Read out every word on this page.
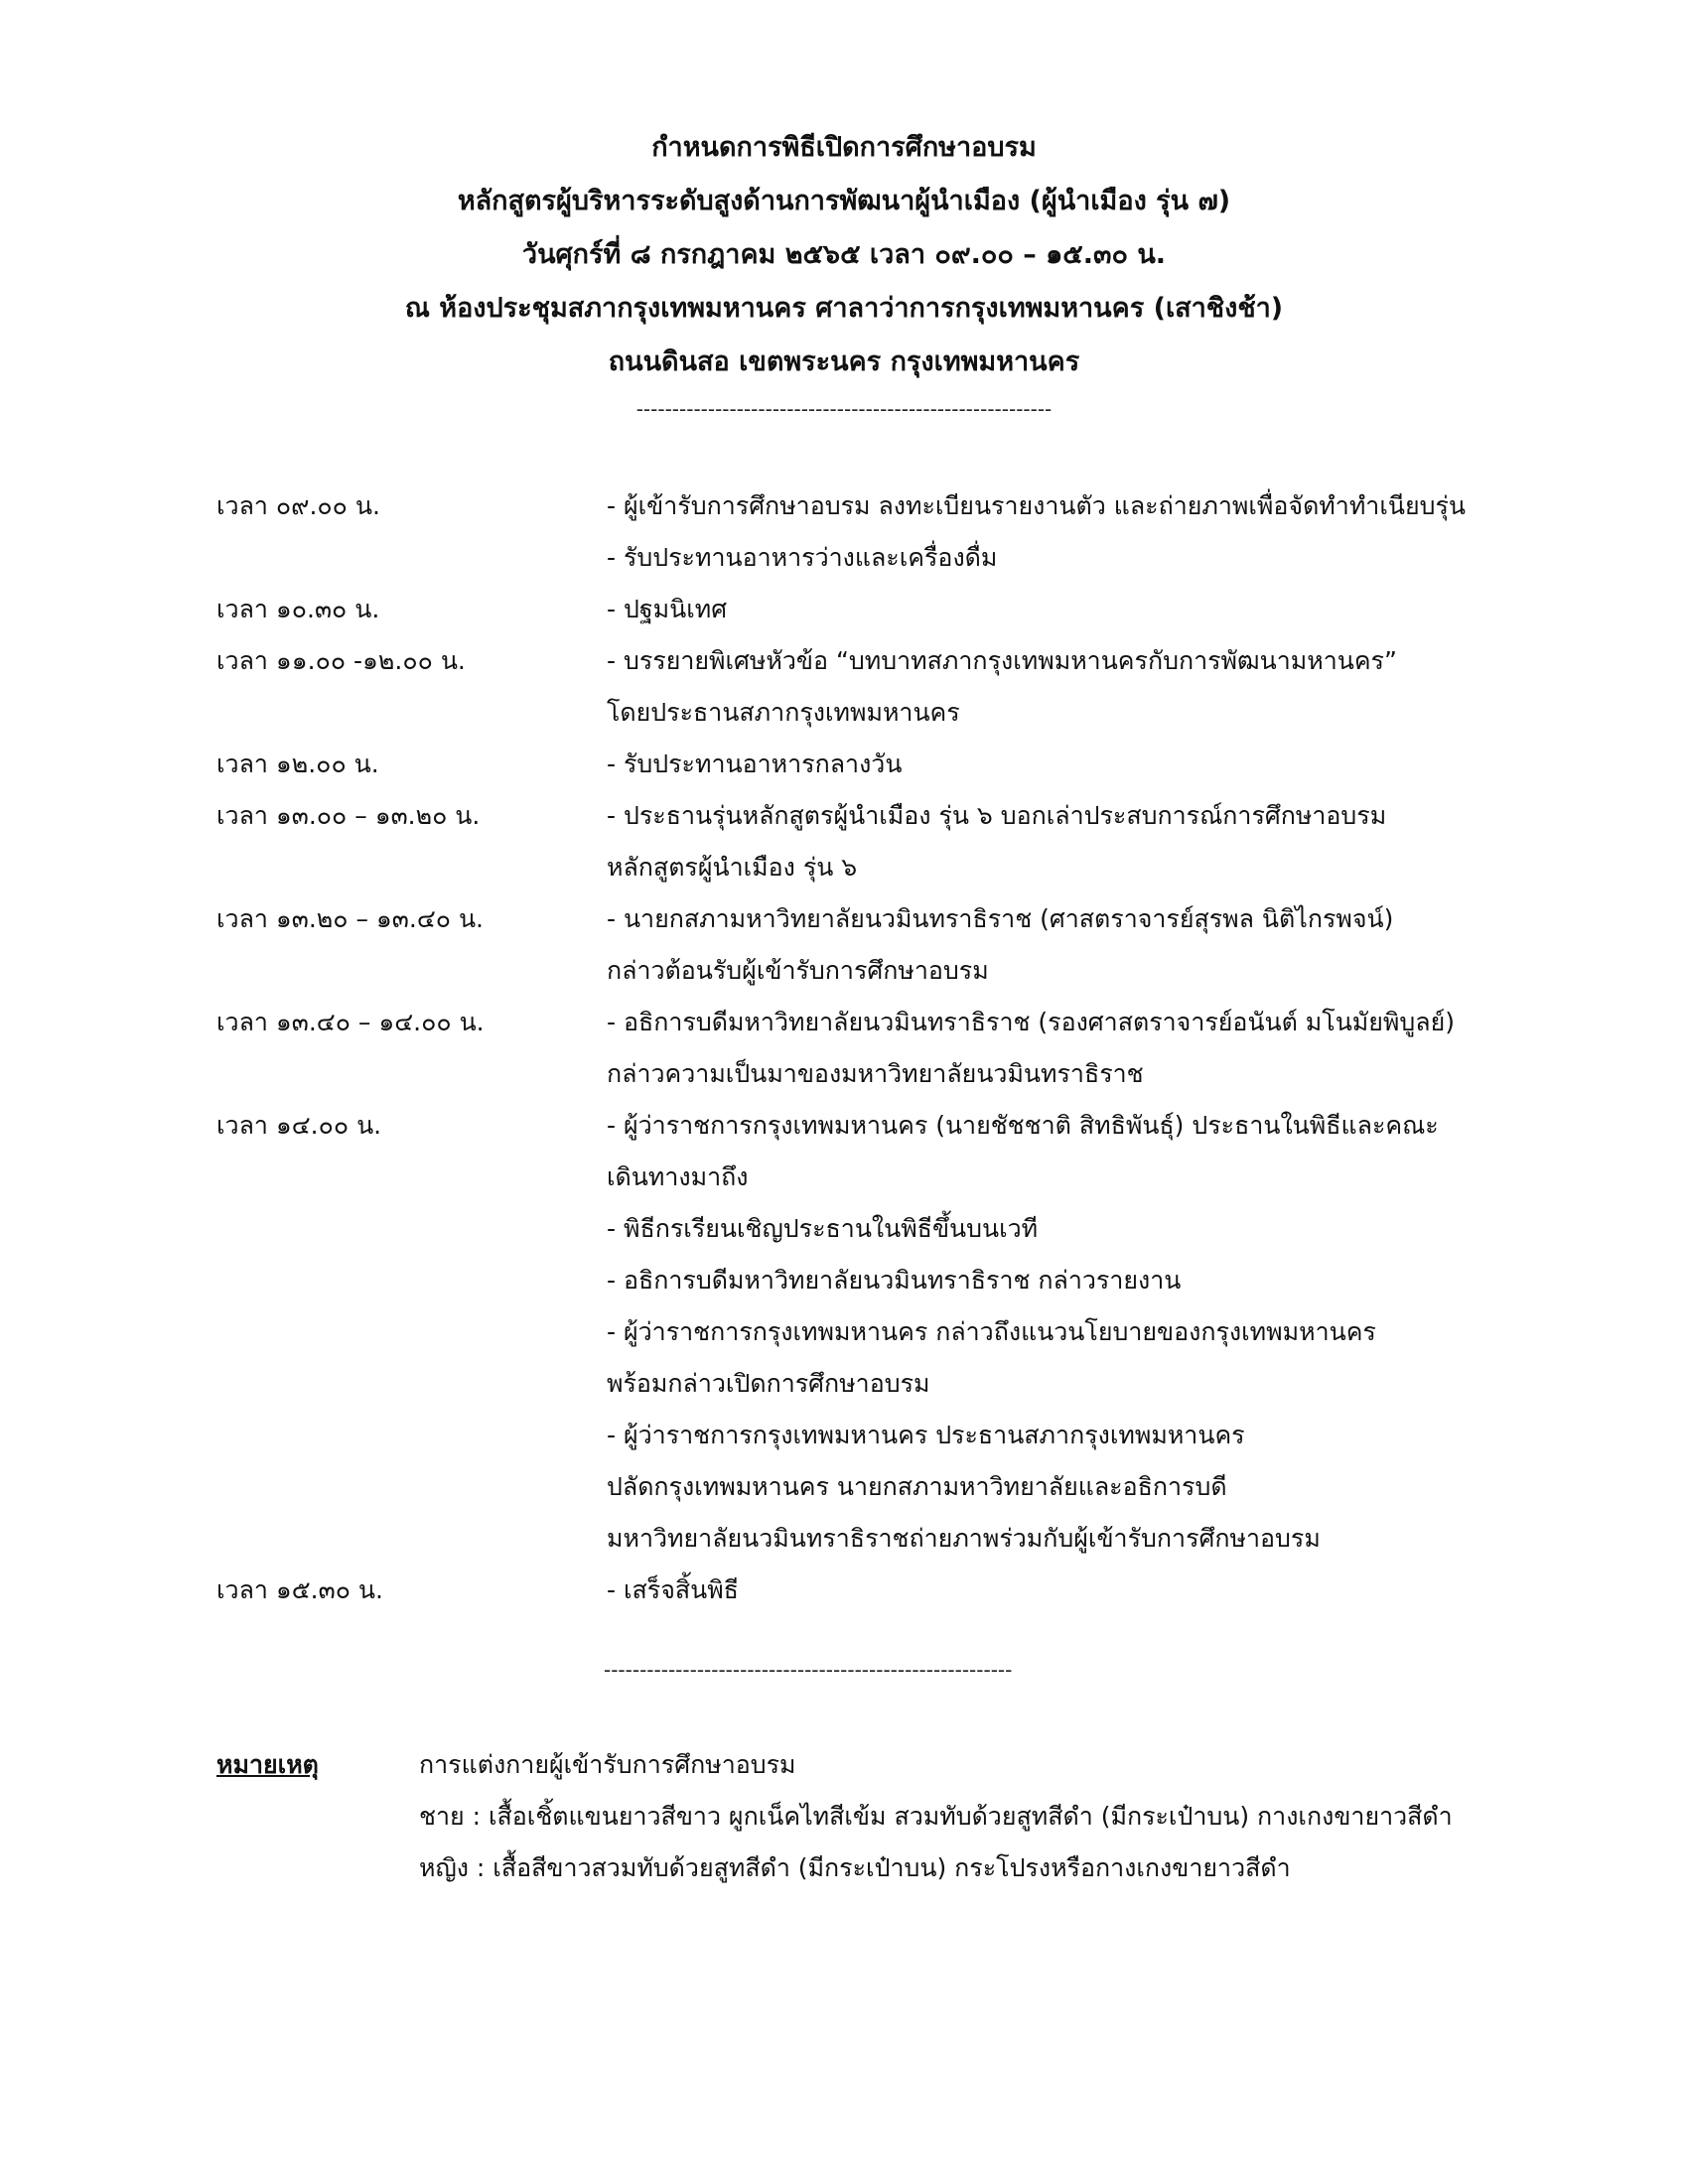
กำหนดการพิธีเปิดการศึกษาอบรม
หลักสูตรผู้บริหารระดับสูงด้านการพัฒนาผู้นำเมือง (ผู้นำเมือง รุ่น ๗)
วันศุกร์ที่ ๘ กรกฎาคม ๒๕๖๕ เวลา ๐๙.๐๐ – ๑๕.๓๐ น.
ณ ห้องประชุมสภากรุงเทพมหานคร ศาลาว่าการกรุงเทพมหานคร (เสาชิงช้า)
ถนนดินสอ เขตพระนคร กรุงเทพมหานคร
----------------------------------------------------------
เวลา ๐๙.๐๐ น.	- ผู้เข้ารับการศึกษาอบรม ลงทะเบียนรายงานตัว และถ่ายภาพเพื่อจัดทำทำเนียบรุ่น
- รับประทานอาหารว่างและเครื่องดื่ม
เวลา ๑๐.๓๐ น.	- ปฐมนิเทศ
เวลา ๑๑.๐๐ -๑๒.๐๐ น.	- บรรยายพิเศษหัวข้อ “บทบาทสภากรุงเทพมหานครกับการพัฒนามหานคร”
โดยประธานสภากรุงเทพมหานคร
เวลา ๑๒.๐๐ น.	- รับประทานอาหารกลางวัน
เวลา ๑๓.๐๐ – ๑๓.๒๐ น.	- ประธานรุ่นหลักสูตรผู้นำเมือง รุ่น ๖ บอกเล่าประสบการณ์การศึกษาอบรม
หลักสูตรผู้นำเมือง รุ่น ๖
เวลา ๑๓.๒๐ – ๑๓.๔๐ น.	- นายกสภามหาวิทยาลัยนวมินทราธิราช (ศาสตราจารย์สุรพล นิติไกรพจน์)
กล่าวต้อนรับผู้เข้ารับการศึกษาอบรม
เวลา ๑๓.๔๐ – ๑๔.๐๐ น.	- อธิการบดีมหาวิทยาลัยนวมินทราธิราช (รองศาสตราจารย์อนันต์ มโนมัยพิบูลย์)
กล่าวความเป็นมาของมหาวิทยาลัยนวมินทราธิราช
เวลา ๑๔.๐๐ น.	- ผู้ว่าราชการกรุงเทพมหานคร (นายชัชชาติ สิทธิพันธุ์) ประธานในพิธีและคณะ
เดินทางมาถึง
- พิธีกรเรียนเชิญประธานในพิธีขึ้นบนเวที
- อธิการบดีมหาวิทยาลัยนวมินทราธิราช กล่าวรายงาน
- ผู้ว่าราชการกรุงเทพมหานคร กล่าวถึงแนวนโยบายของกรุงเทพมหานคร
พร้อมกล่าวเปิดการศึกษาอบรม
- ผู้ว่าราชการกรุงเทพมหานคร ประธานสภากรุงเทพมหานคร
ปลัดกรุงเทพมหานคร นายกสภามหาวิทยาลัยและอธิการบดี
มหาวิทยาลัยนวมินทราธิราชถ่ายภาพร่วมกับผู้เข้ารับการศึกษาอบรม
เวลา ๑๕.๓๐ น.	- เสร็จสิ้นพิธี
---------------------------------------------------------
หมายเหตุ	การแต่งกายผู้เข้ารับการศึกษาอบรม
ชาย : เสื้อเชิ้ตแขนยาวสีขาว ผูกเน็คไทสีเข้ม สวมทับด้วยสูทสีดำ (มีกระเป๋าบน) กางเกงขายาวสีดำ
หญิง : เสื้อสีขาวสวมทับด้วยสูทสีดำ (มีกระเป๋าบน) กระโปรงหรือกางเกงขายาวสีดำ
